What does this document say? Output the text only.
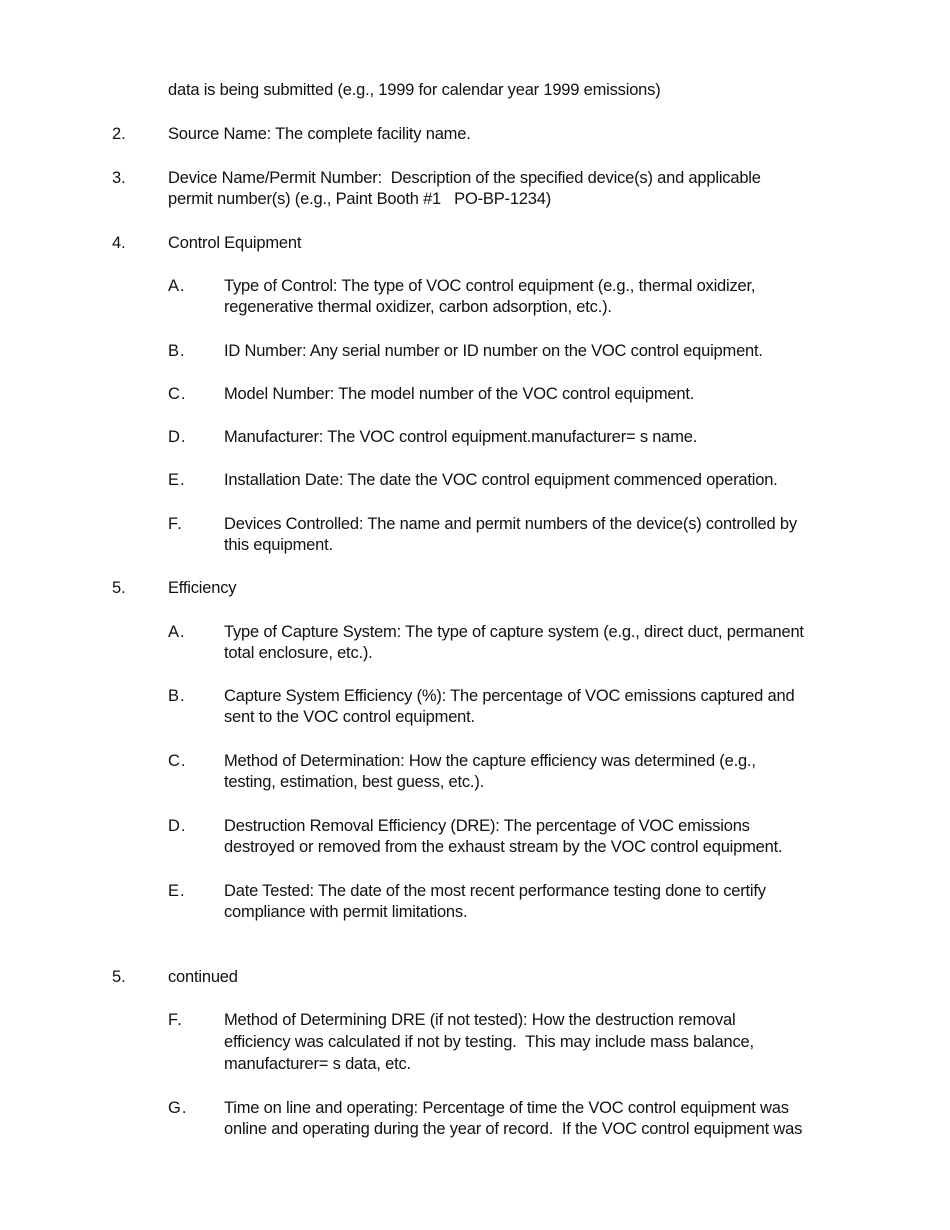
data is being submitted (e.g., 1999 for calendar year 1999 emissions)
2.	Source Name: The complete facility name.
3.	Device Name/Permit Number:  Description of the specified device(s) and applicable
permit number(s) (e.g., Paint Booth #1   PO-BP-1234)
4.	Control Equipment
A. Type of Control: The type of VOC control equipment (e.g., thermal oxidizer,
regenerative thermal oxidizer, carbon adsorption, etc.).
B. ID Number: Any serial number or ID number on the VOC control equipment.
C. Model Number: The model number of the VOC control equipment.
D. Manufacturer: The VOC control equipment.manufacturer= s name.
E. Installation Date: The date the VOC control equipment commenced operation.
F. Devices Controlled: The name and permit numbers of the device(s) controlled by
this equipment.
5.	Efficiency
A. Type of Capture System: The type of capture system (e.g., direct duct, permanent
total enclosure, etc.).
B. Capture System Efficiency (%): The percentage of VOC emissions captured and
sent to the VOC control equipment.
C. Method of Determination: How the capture efficiency was determined (e.g.,
testing, estimation, best guess, etc.).
D. Destruction Removal Efficiency (DRE): The percentage of VOC emissions
destroyed or removed from the exhaust stream by the VOC control equipment.
E. Date Tested: The date of the most recent performance testing done to certify
compliance with permit limitations.
5.	continued
F. Method of Determining DRE (if not tested): How the destruction removal
efficiency was calculated if not by testing.  This may include mass balance,
manufacturer= s data, etc.
G. Time on line and operating: Percentage of time the VOC control equipment was
online and operating during the year of record.  If the VOC control equipment was
